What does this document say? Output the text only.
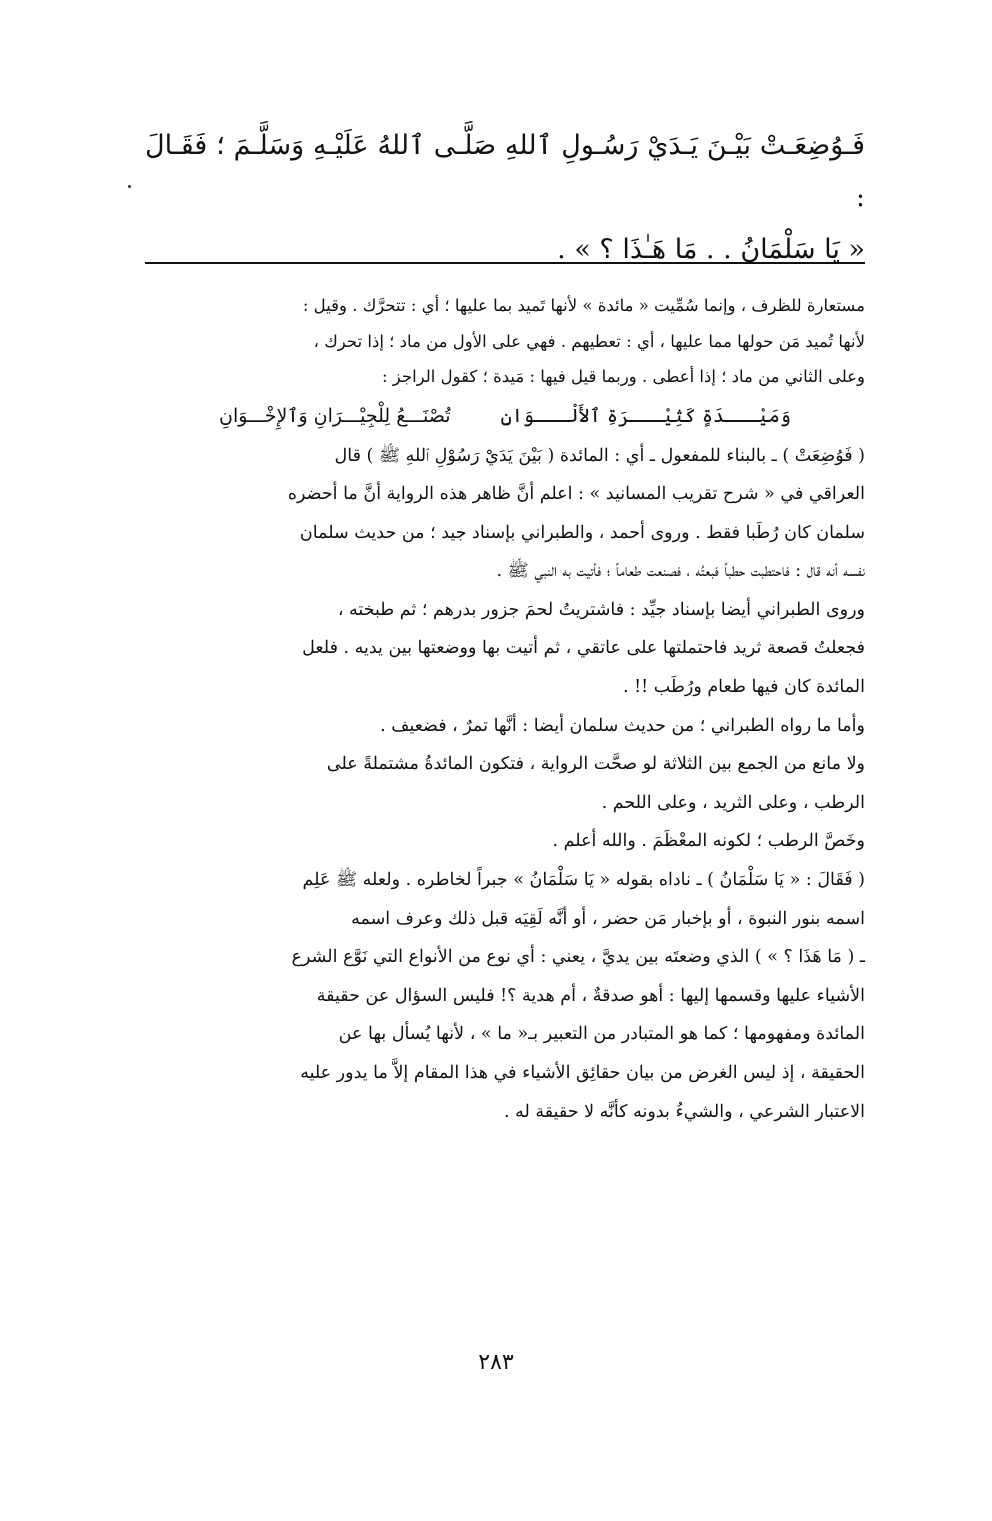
فَـوُضِعَـتْ بَيْـنَ يَـدَيْ رَسُـولِ ٱللهِ صَلَّـى ٱللهُ عَلَيْـهِ وَسَلَّـمَ ؛ فَقَـالَ :
« يَا سَلْمَانُ . . مَا هَـٰذَا ؟ » .

مستعارة للظرف ، وإنما سُمِّيت « مائدة » لأنها تَميد بما عليها ؛ أي : تتحرَّك . وقيل :

لأنها تُميد مَن حولها مما عليها ، أي : تعطيهم . فهي على الأول من ماد ؛ إذا تحرك ،

وعلى الثاني من ماد ؛ إذا أعطى . وربما قيل فيها : مَيدة ؛ كقول الراجز :

وَمَيْـــدَةٍ كَثِيْـــرَةِ ٱلأَلْـــوَانِ تُصْنَـــعُ لِلْجِيْـــرَانِ وَٱلإِخْـــوَانِ

( فَوُضِعَتْ ) ـ بالبناء للمفعول ـ أي : المائدة ( بَيْنَ يَدَيْ رَسُوْلِ ٱللهِ ﷺ ) قال

العراقي في « شرح تقريب المسانيد » : اعلم أنَّ ظاهر هذه الرواية أنَّ ما أحضره

سلمان كان رُطَبا فقط . وروى أحمد ، والطبراني بإسناد جيد ؛ من حديث سلمان

نفسه أنه قال : فاحتطبت حطباً فبعتُه ، فصنعت طعاماً ؛ فأتيت به النبي ﷺ .

وروى الطبراني أيضا بإسناد جيِّد : فاشتريتُ لحمَ جزور بدرهم ؛ ثم طبخته ،

فجعلتُ قصعة ثريد فاحتملتها على عاتقي ، ثم أتيت بها ووضعتها بين يديه . فلعل

المائدة كان فيها طعام ورُطَب !! .

وأما ما رواه الطبراني ؛ من حديث سلمان أيضا : أنَّها تمرٌ ، فضعيف .

ولا مانع من الجمع بين الثلاثة لو صحَّت الرواية ، فتكون المائدةُ مشتملةً على

الرطب ، وعلى الثريد ، وعلى اللحم .

وخَصَّ الرطب ؛ لكونه المعْظَمَ . والله أعلم .

( فَقَالَ : « يَا سَلْمَانُ ) ـ ناداه بقوله « يَا سَلْمَانُ » جبراً لخاطره . ولعله ﷺ عَلِم

اسمه بنور النبوة ، أو بإخبار مَن حضر ، أو أنَّه لَقِيَه قبل ذلك وعرف اسمه

ـ ( مَا هَذَا ؟ » ) الذي وضعتَه بين يديَّ ، يعني : أي نوع من الأنواع التي نَوَّع الشرع

الأشياء عليها وقسمها إليها : أهو صدقةٌ ، أم هدية ؟! فليس السؤال عن حقيقة

المائدة ومفهومها ؛ كما هو المتبادر من التعبير بـ« ما » ، لأنها يُسأل بها عن

الحقيقة ، إذ ليس الغرض من بيان حقائِق الأشياء في هذا المقام إلاَّ ما يدور عليه

الاعتبار الشرعي ، والشيءُ بدونه كأنَّه لا حقيقة له .

٢٨٣
